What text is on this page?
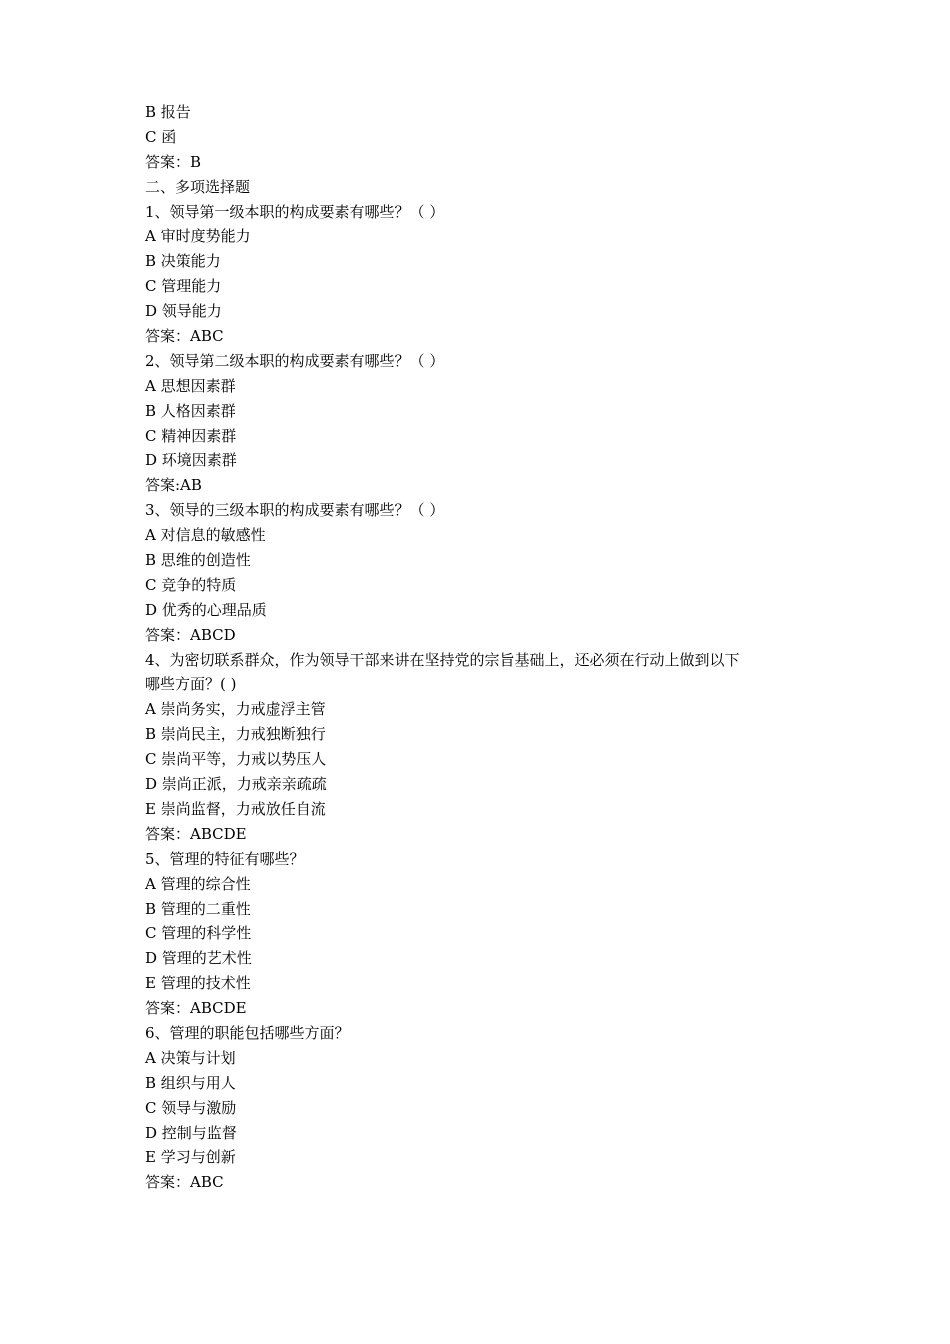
B 报告
C 函
答案：B
二、多项选择题
1、领导第一级本职的构成要素有哪些？（ ）
A 审时度势能力
B 决策能力
C 管理能力
D 领导能力
答案：ABC
2、领导第二级本职的构成要素有哪些？（ ）
A 思想因素群
B 人格因素群
C 精神因素群
D 环境因素群
答案:AB
3、领导的三级本职的构成要素有哪些？（ ）
A 对信息的敏感性
B 思维的创造性
C 竞争的特质
D 优秀的心理品质
答案：ABCD
4、为密切联系群众，作为领导干部来讲在坚持党的宗旨基础上，还必须在行动上做到以下
哪些方面？( )
A 崇尚务实，力戒虚浮主管
B 崇尚民主，力戒独断独行
C 崇尚平等，力戒以势压人
D 崇尚正派，力戒亲亲疏疏
E 崇尚监督，力戒放任自流
答案：ABCDE
5、管理的特征有哪些？
A 管理的综合性
B 管理的二重性
C 管理的科学性
D 管理的艺术性
E 管理的技术性
答案：ABCDE
6、管理的职能包括哪些方面？
A 决策与计划
B 组织与用人
C 领导与激励
D 控制与监督
E 学习与创新
答案：ABC
